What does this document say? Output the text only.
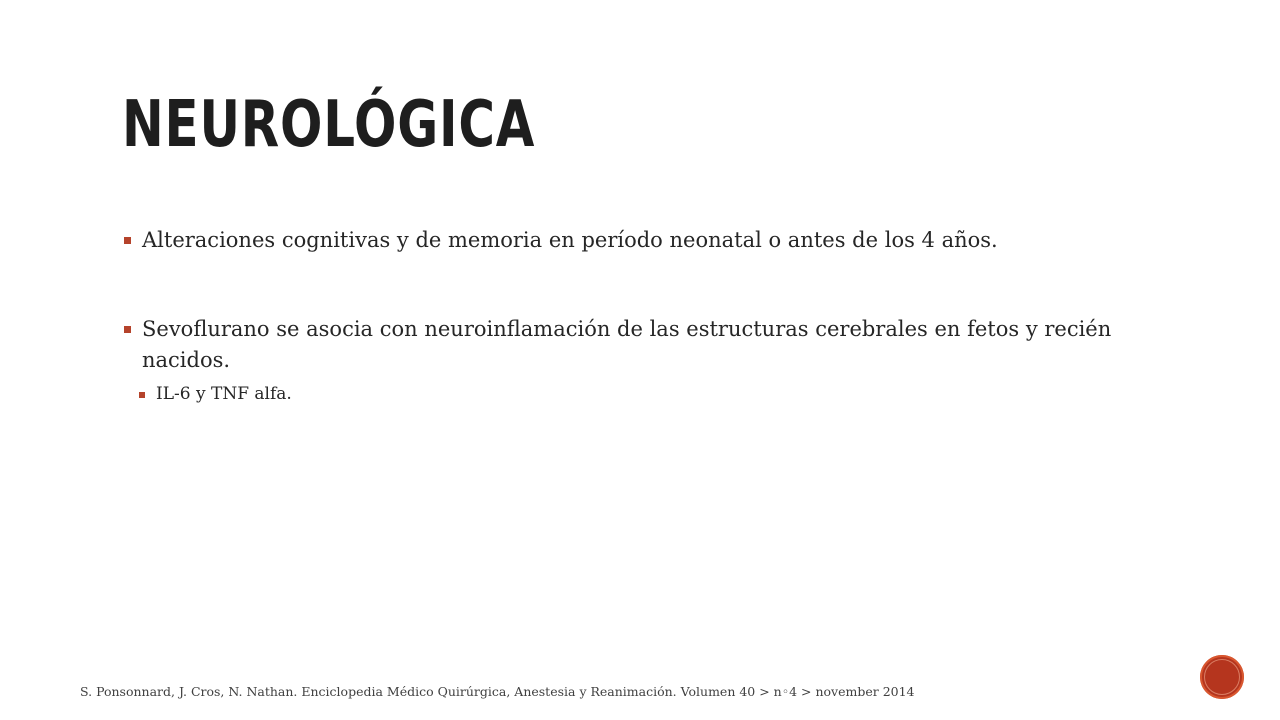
NEUROLÓGICA
Alteraciones cognitivas y de memoria en período neonatal o antes de los 4 años.
Sevoflurano se asocia con neuroinflamación de las estructuras cerebrales en fetos y recién nacidos.
IL-6 y TNF alfa.
S. Ponsonnard, J. Cros, N. Nathan. Enciclopedia Médico Quirúrgica, Anestesia y Reanimación. Volumen 40 > n◦4 > november 2014
